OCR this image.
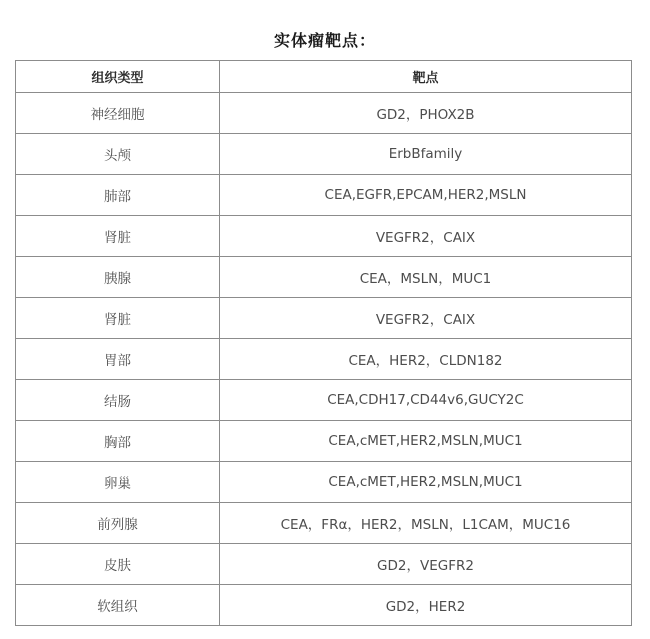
实体瘤靶点：
组织类型	靶点
神经细胞	GD2，PHOX2B
头颅	ErbBfamily
肺部	CEA,EGFR,EPCAM,HER2,MSLN
肾脏	VEGFR2，CAIX
胰腺	CEA，MSLN，MUC1
肾脏	VEGFR2，CAIX
胃部	CEA，HER2，CLDN182
结肠	CEA,CDH17,CD44v6,GUCY2C
胸部	CEA,cMET,HER2,MSLN,MUC1
卵巢	CEA,cMET,HER2,MSLN,MUC1
前列腺	CEA，FRα，HER2，MSLN，L1CAM，MUC16
皮肤	GD2，VEGFR2
软组织	GD2，HER2
